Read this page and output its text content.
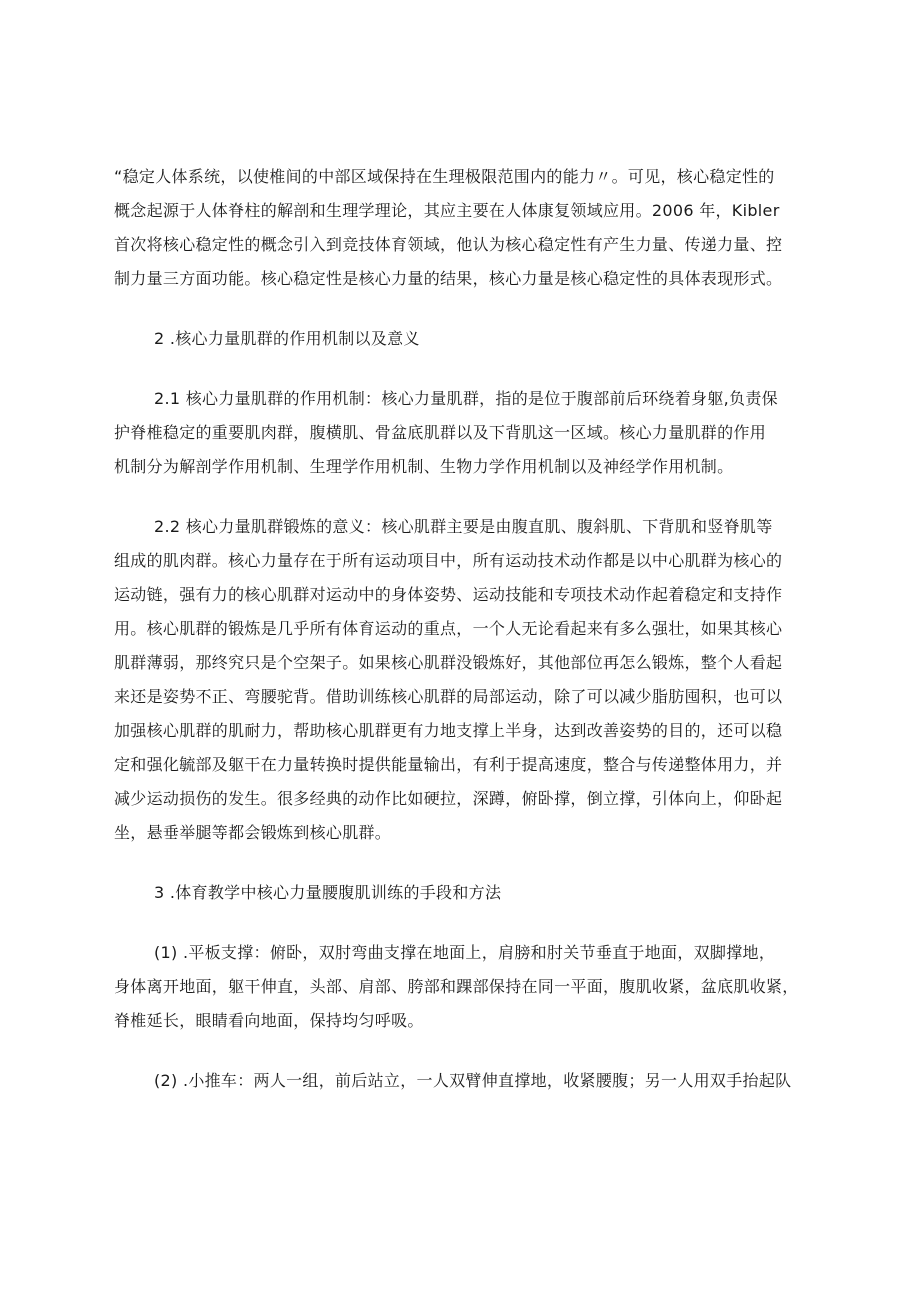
“稳定人体系统，以使椎间的中部区域保持在生理极限范围内的能力〃。可见，核心稳定性的
概念起源于人体脊柱的解剖和生理学理论，其应主要在人体康复领域应用。2006 年，Kibler
首次将核心稳定性的概念引入到竞技体育领域，他认为核心稳定性有产生力量、传递力量、控
制力量三方面功能。核心稳定性是核心力量的结果，核心力量是核心稳定性的具体表现形式。

2 .核心力量肌群的作用机制以及意义

2.1 核心力量肌群的作用机制：核心力量肌群，指的是位于腹部前后环绕着身躯,负责保
护脊椎稳定的重要肌肉群，腹横肌、骨盆底肌群以及下背肌这一区域。核心力量肌群的作用
机制分为解剖学作用机制、生理学作用机制、生物力学作用机制以及神经学作用机制。

2.2 核心力量肌群锻炼的意义：核心肌群主要是由腹直肌、腹斜肌、下背肌和竖脊肌等
组成的肌肉群。核心力量存在于所有运动项目中，所有运动技术动作都是以中心肌群为核心的
运动链，强有力的核心肌群对运动中的身体姿势、运动技能和专项技术动作起着稳定和支持作
用。核心肌群的锻炼是几乎所有体育运动的重点，一个人无论看起来有多么强壮，如果其核心
肌群薄弱，那终究只是个空架子。如果核心肌群没锻炼好，其他部位再怎么锻炼，整个人看起
来还是姿势不正、弯腰驼背。借助训练核心肌群的局部运动，除了可以减少脂肪囤积，也可以
加强核心肌群的肌耐力，帮助核心肌群更有力地支撑上半身，达到改善姿势的目的，还可以稳
定和强化毓部及躯干在力量转换时提供能量输出，有利于提高速度，整合与传递整体用力，并
减少运动损伤的发生。很多经典的动作比如硬拉，深蹲，俯卧撑，倒立撑，引体向上，仰卧起
坐，悬垂举腿等都会锻炼到核心肌群。

3 .体育教学中核心力量腰腹肌训练的手段和方法

(1) .平板支撑：俯卧，双肘弯曲支撑在地面上，肩膀和肘关节垂直于地面，双脚撑地，
身体离开地面，躯干伸直，头部、肩部、胯部和踝部保持在同一平面，腹肌收紧，盆底肌收紧，
脊椎延长，眼睛看向地面，保持均匀呼吸。

(2) .小推车：两人一组，前后站立，一人双臂伸直撑地，收紧腰腹；另一人用双手抬起队
